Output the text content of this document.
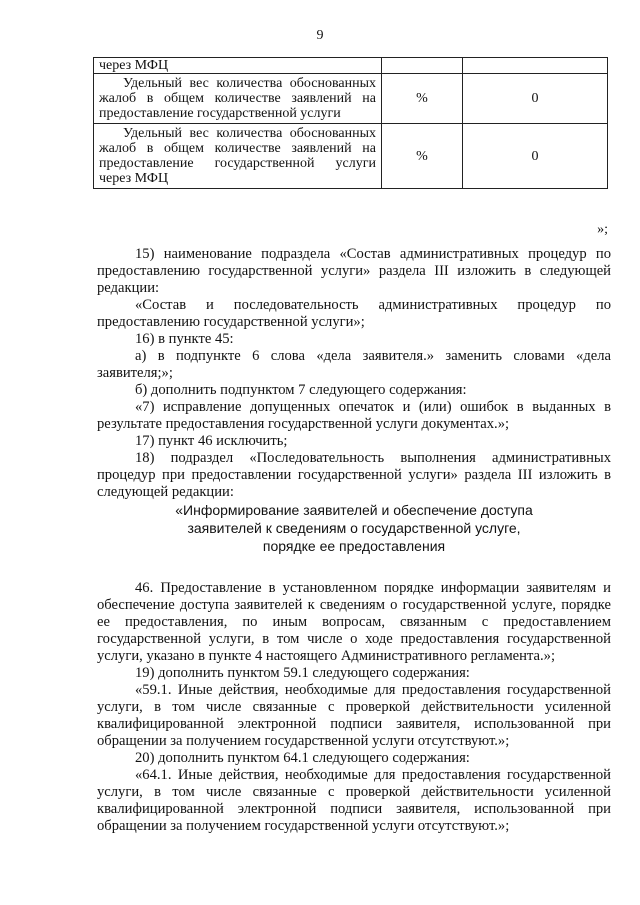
9
через МФЦ		

Удельный вес количества обоснованных жалоб в общем количестве заявлений на предоставление государственной услуги	%	0

Удельный вес количества обоснованных жалоб в общем количестве заявлений на предоставление государственной услуги через МФЦ	%	0
»;

15) наименование подраздела «Состав административных процедур по предоставлению государственной услуги» раздела III изложить в следующей редакции:

«Состав и последовательность административных процедур по предоставлению государственной услуги»;

16) в пункте 45:

а) в подпункте 6 слова «дела заявителя.» заменить словами «дела заявителя;»;

б) дополнить подпунктом 7 следующего содержания:

«7) исправление допущенных опечаток и (или) ошибок в выданных в результате предоставления государственной услуги документах.»;

17) пункт 46 исключить;

18) подраздел «Последовательность выполнения административных процедур при предоставлении государственной услуги» раздела III изложить в следующей редакции:

«Информирование заявителей и обеспечение доступа

заявителей к сведениям о государственной услуге,

порядке ее предоставления

46. Предоставление в установленном порядке информации заявителям и обеспечение доступа заявителей к сведениям о государственной услуге, порядке ее предоставления, по иным вопросам, связанным с предоставлением государственной услуги, в том числе о ходе предоставления государственной услуги, указано в пункте 4 настоящего Административного регламента.»;

19) дополнить пунктом 59.1 следующего содержания:

«59.1. Иные действия, необходимые для предоставления государственной услуги, в том числе связанные с проверкой действительности усиленной квалифицированной электронной подписи заявителя, использованной при обращении за получением государственной услуги отсутствуют.»;

20) дополнить пунктом 64.1 следующего содержания:

«64.1. Иные действия, необходимые для предоставления государственной услуги, в том числе связанные с проверкой действительности усиленной квалифицированной электронной подписи заявителя, использованной при обращении за получением государственной услуги отсутствуют.»;
